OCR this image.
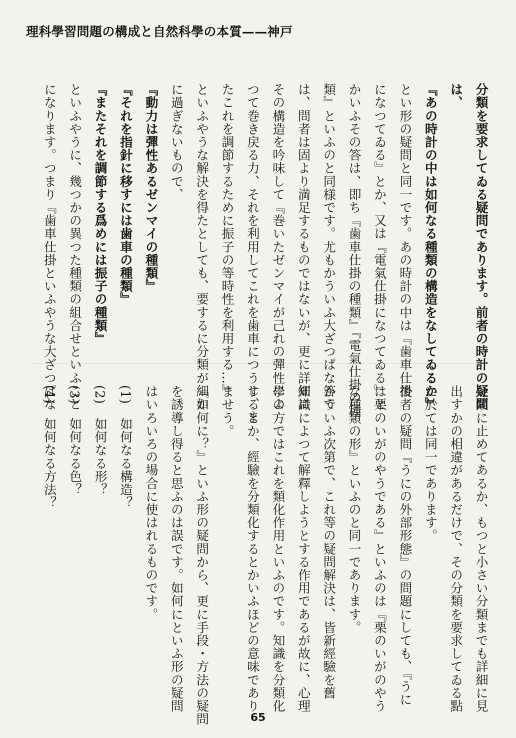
理科學習問題の構成と自然科學の本質——神戸
分類を要求してゐる疑問であります。前者の時計の疑問
は、
『あの時計の中は如何なる種類の構造をなしてゐるか』
とい形の疑問と同一です。あの時計の中は『歯車仕掛
になつてゐる』とか、又は『電氣仕掛になつてゐる』と
かいふその答は、即ち『歯車仕掛の種類』『電氣仕掛の種
類』といふのと同様です。尤もかういふ大ざつぱな答で
は、問者は固より満足するものではないが、更に詳細に
その構造を吟味して『巻いたゼンマイが己れの彈性によ
つて巻き戻る力、それを利用してこれを歯車につうじ、ま
たこれを調節するために振子の等時性を利用する…』
といふやうな解決を得たとしても、要するに分類が細か
に過ぎないもので、
『動力は彈性あるゼンマイの種類』
『それを指針に移すには歯車の種類』
『またそれを調節する爲めには振子の種類』
といふやうに、幾つかの異つた種類の組合せといふこと
になります。つまり『歯車仕掛といふやうな大ざつぱな
分類に止めてあるか、もつと小さい分類までも詳細に見
出すかの相違があるだけで、その分類を要求してゐる點
に於ては同一であります。
後者の疑問『うにの外部形態』の問題にしても、『うに
は栗のいがのやうである』といふのは『栗のいがのやう
な種類の形』といふのと同一であります。
かういふ次第で、これ等の疑問解決は、皆新經驗を舊
知識によつて解釋しようとする作用であるが故に、心理
學の方ではこれを類化作用といふのです。知識を分類化
するとか、經驗を分類化するとかいふほどの意味であり
ませう。
『如何に？』といふ形の疑問から、更に手段・方法の疑問
を誘導し得ると思ふのは誤です。如何にといふ形の疑問
はいろいろの場合に使はれるものです。
(1)　如何なる構造？
(2)　如何なる形？
(3)　如何なる色？
(4)　如何なる方法？
65
